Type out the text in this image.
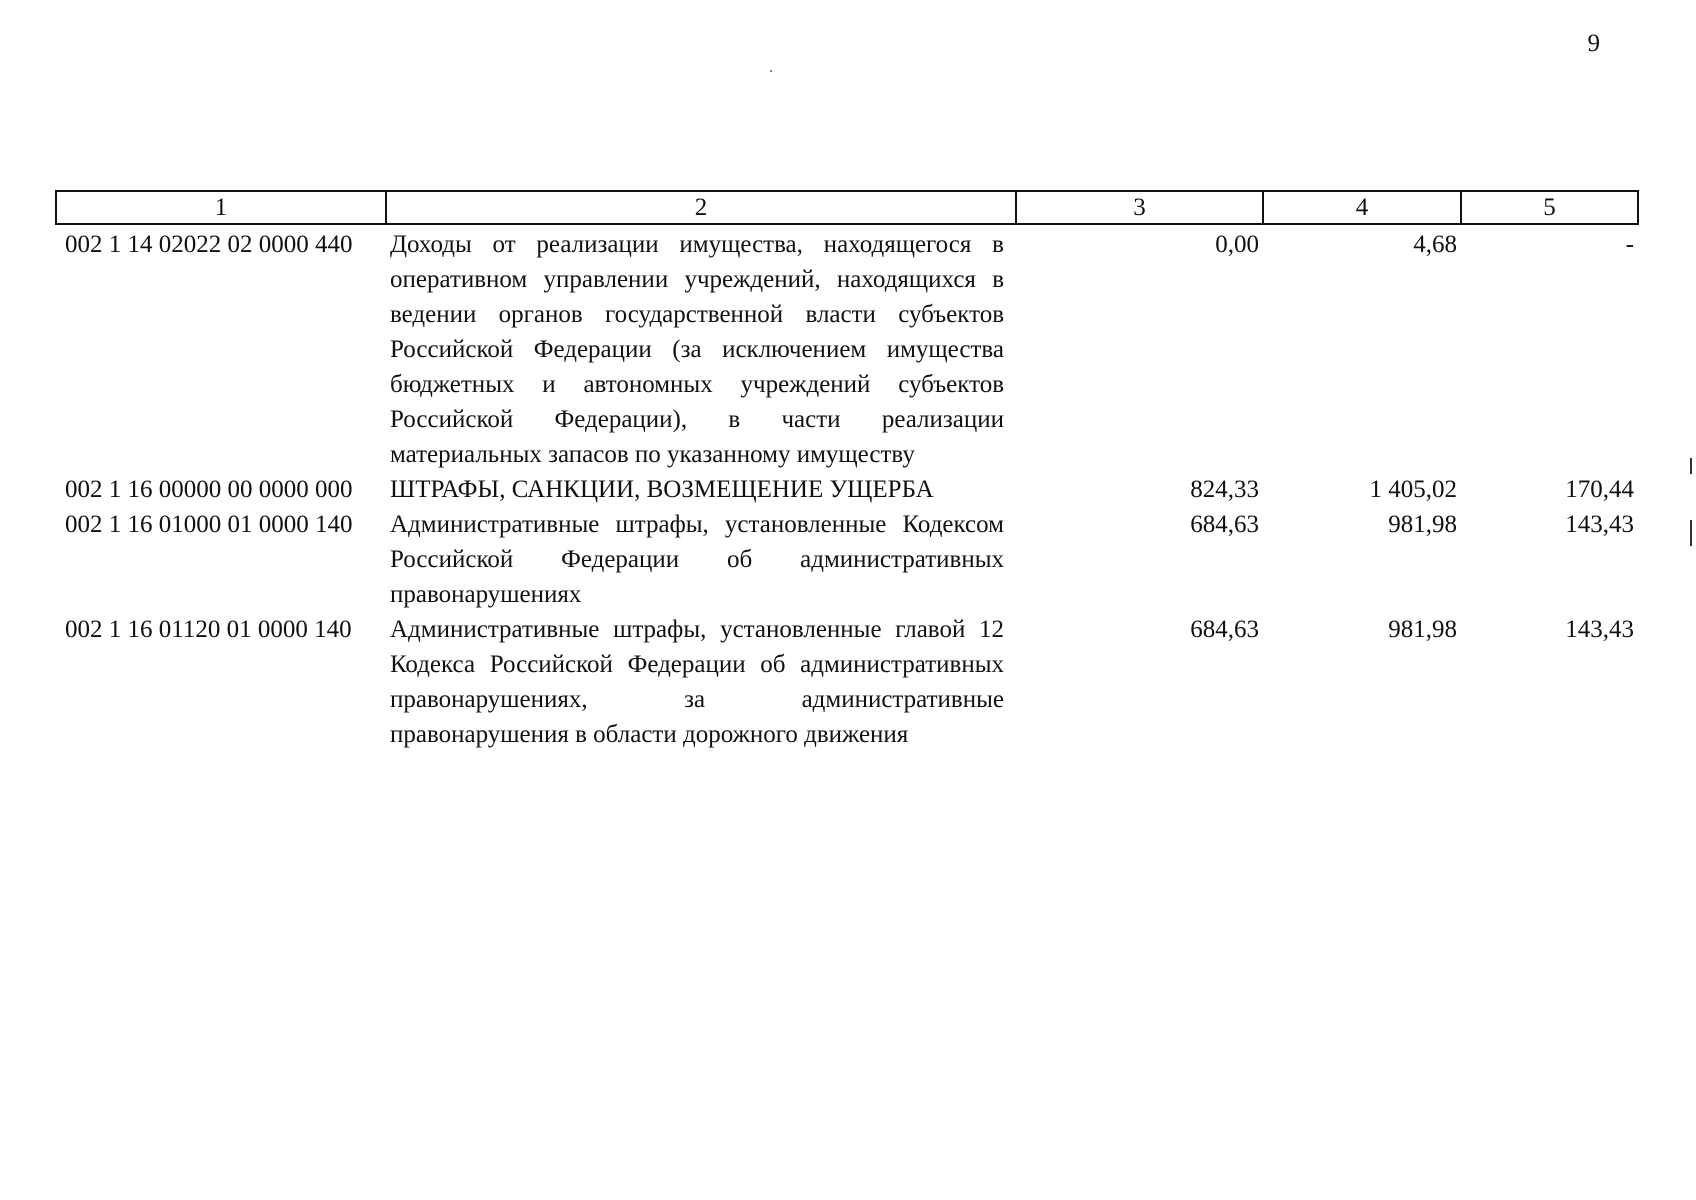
9
1	2	3	4	5
002 1 14 02022 02 0000 440	Доходы от реализации имущества, находящегося в оперативном управлении учреждений, находящихся в ведении органов государственной власти субъектов Российской Федерации (за исключением имущества бюджетных и автономных учреждений субъектов Российской Федерации), в части реализации материальных запасов по указанному имуществу	0,00	4,68	-
002 1 16 00000 00 0000 000	ШТРАФЫ, САНКЦИИ, ВОЗМЕЩЕНИЕ УЩЕРБА	824,33	1 405,02	170,44
002 1 16 01000 01 0000 140	Административные штрафы, установленные Кодексом Российской Федерации об административных правонарушениях	684,63	981,98	143,43
002 1 16 01120 01 0000 140	Административные штрафы, установленные главой 12 Кодекса Российской Федерации об административных правонарушениях, за административные правонарушения в области дорожного движения	684,63	981,98	143,43
